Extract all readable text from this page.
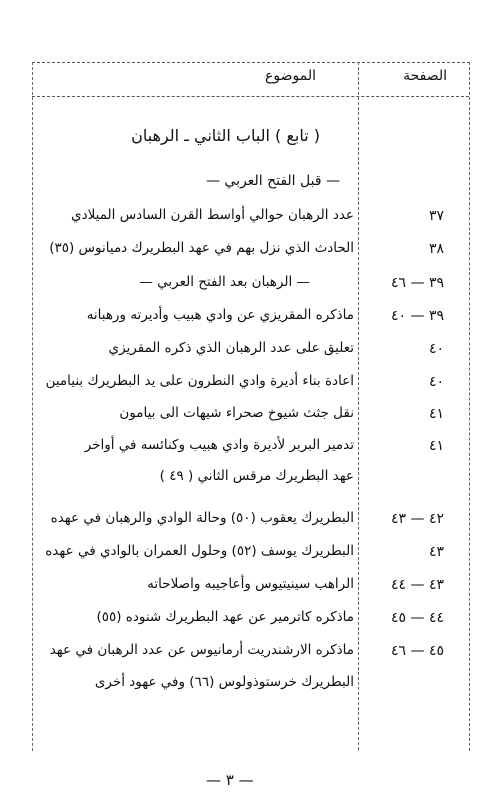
الصفحة
الموضوع
( تابع ) الباب الثاني ـ الرهبان
— قبل الفتح العربي —
عدد الرهبان حوالي أواسط القرن السادس الميلادي	٣٧
الحادث الذي نزل بهم في عهد البطريرك دميانوس (٣٥)	٣٨
— الرهبان بعد الفتح العربي —	٣٩ — ٤٦
ماذكره المقريزي عن وادي هبيب وأديرته ورهبانه	٣٩ — ٤٠
تعليق على عدد الرهبان الذي ذكره المقريزي	٤٠
اعادة بناء أديرة وادي النطرون على يد البطريرك بنيامين	٤٠
نقل جثث شيوخ صحراء شيهات الى بيامون	٤١
تدمير البربر لأديرة وادي هبيب وكنائسه في أواخر	٤١
عهد البطريرك مرقس الثاني ( ٤٩ )
البطريرك يعقوب (٥٠) وحالة الوادي والرهبان في عهده	٤٢ — ٤٣
البطريرك يوسف (٥٢) وحلول العمران بالوادي في عهده	٤٣
الراهب سينيتيوس وأعاجيبه واصلاحاته	٤٣ — ٤٤
ماذكره كاترمير عن عهد البطريرك شنوده (٥٥)	٤٤ — ٤٥
ماذكره الارشندريت أرمانيوس عن عدد الرهبان في عهد	٤٥ — ٤٦
البطريرك خرستوذولوس (٦٦) وفي عهود أخرى
— ٣ —
